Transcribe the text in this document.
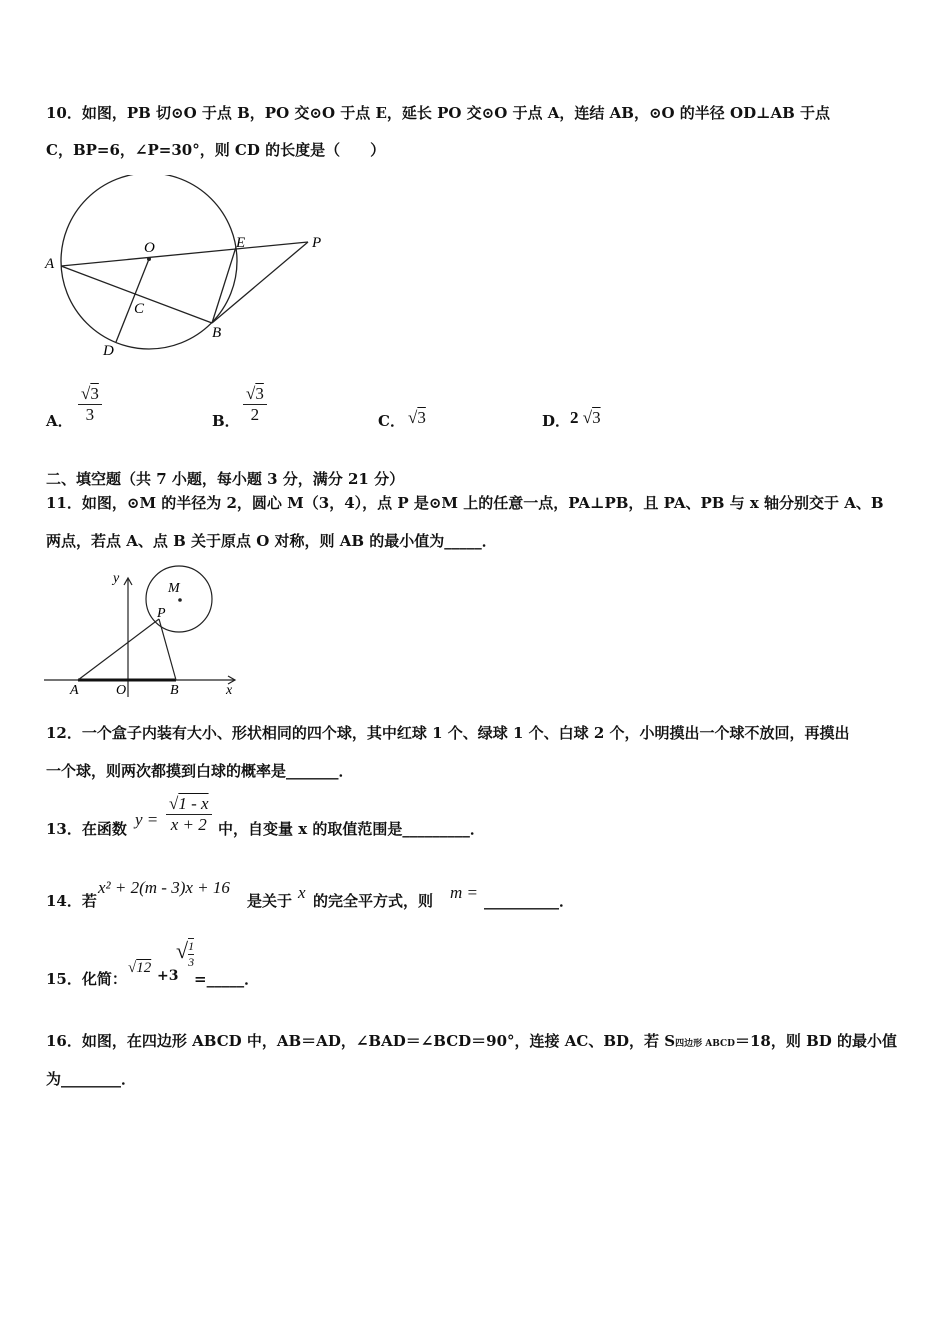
10．如图，PB 切⊙O 于点 B，PO 交⊙O 于点 E，延长 PO 交⊙O 于点 A，连结 AB，⊙O 的半径 OD⊥AB 于点
C，BP=6，∠P=30°，则 CD 的长度是（　　）
A
O	E	P
C
B
D
A． $\frac{√3}{3}$	B． $\frac{√3}{2}$	C． √3	D． 2 √3
二、填空题（共 7 小题，每小题 3 分，满分 21 分）
11．如图，⊙M 的半径为 2，圆心 M（3，4），点 P 是⊙M 上的任意一点，PA⊥PB，且 PA、PB 与 x 轴分别交于 A、B
两点，若点 A、点 B 关于原点 O 对称，则 AB 的最小值为_____．
y
M
P
A	O	B	x
12．一个盒子内装有大小、形状相同的四个球，其中红球 1 个、绿球 1 个、白球 2 个，小明摸出一个球不放回，再摸出
一个球，则两次都摸到白球的概率是_______．
13．在函数 $y = \frac{√1 - x}{x + 2}$ 中，自变量 x 的取值范围是_________．
14．若
x² + 2(m - 3)x + 16
是关于 x 的完全平方式，则 m = __________．
15．化简：
√12 +3
√ $\frac{1}{3}$
=_____．
16．如图，在四边形 ABCD 中，AB＝AD，∠BAD＝∠BCD＝90°，连接 AC、BD，若 S四边形 ABCD＝18，则 BD 的最小值
为________．
